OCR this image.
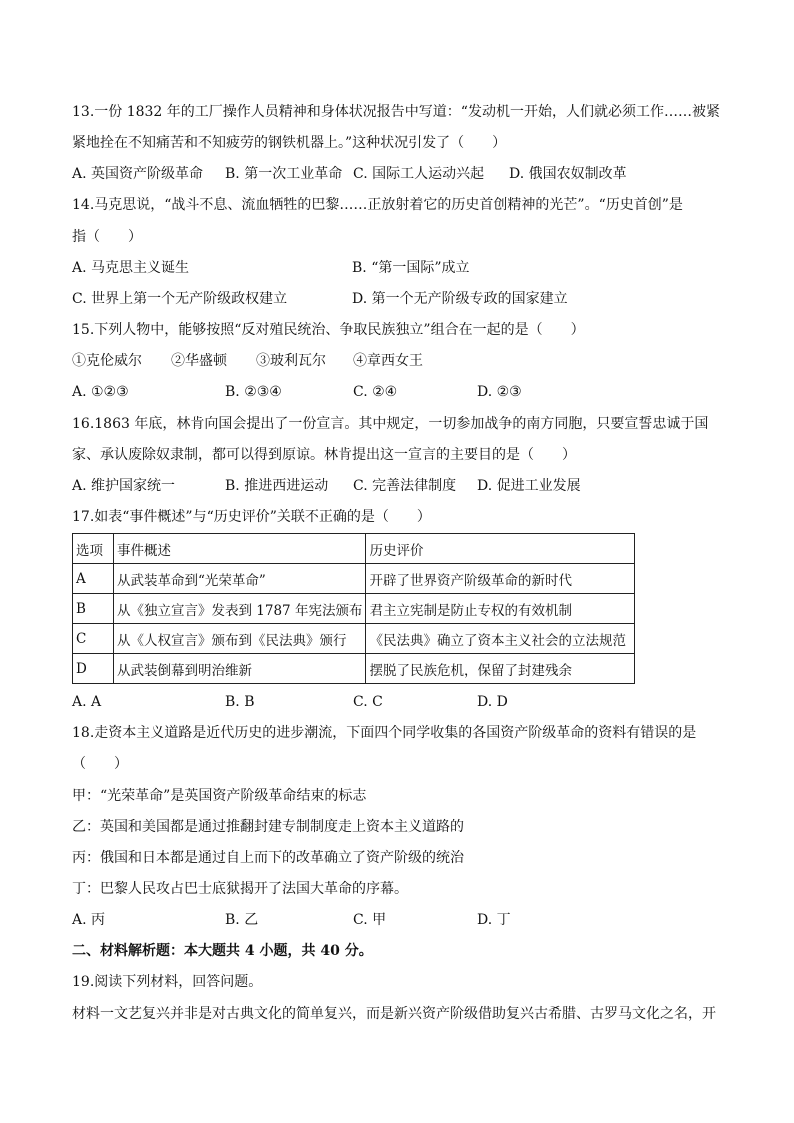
13.一份 1832 年的工厂操作人员精神和身体状况报告中写道：“发动机一开始，人们就必须工作……被紧
紧地拴在不知痛苦和不知疲劳的钢铁机器上。”这种状况引发了（　　）
A. 英国资产阶级革命 B. 第一次工业革命 C. 国际工人运动兴起 D. 俄国农奴制改革
14.马克思说，“战斗不息、流血牺牲的巴黎……正放射着它的历史首创精神的光芒”。“历史首创”是
指（　　）
A. 马克思主义诞生	B. “第一国际”成立
C. 世界上第一个无产阶级政权建立	D. 第一个无产阶级专政的国家建立
15.下列人物中，能够按照“反对殖民统治、争取民族独立”组合在一起的是（　　）
①克伦威尔 ②华盛顿 ③玻利瓦尔 ④章西女王
A. ①②③	B. ②③④	C. ②④	D. ②③
16.1863 年底，林肯向国会提出了一份宣言。其中规定，一切参加战争的南方同胞，只要宣誓忠诚于国
家、承认废除奴隶制，都可以得到原谅。林肯提出这一宣言的主要目的是（　　）
A. 维护国家统一	B. 推进西进运动 C. 完善法律制度 D. 促进工业发展
17.如表“事件概述”与“历史评价”关联不正确的是（　　）
选项	事件概述	历史评价
A	从武装革命到“光荣革命”	开辟了世界资产阶级革命的新时代
B	从《独立宣言》发表到 1787 年宪法颁布	君主立宪制是防止专权的有效机制
C	从《人权宣言》颁布到《民法典》颁行	《民法典》确立了资本主义社会的立法规范
D	从武装倒幕到明治维新	摆脱了民族危机，保留了封建残余
A. A	B. B	C. C	D. D
18.走资本主义道路是近代历史的进步潮流，下面四个同学收集的各国资产阶级革命的资料有错误的是
（　　）
甲：“光荣革命”是英国资产阶级革命结束的标志
乙：英国和美国都是通过推翻封建专制制度走上资本主义道路的
丙：俄国和日本都是通过自上而下的改革确立了资产阶级的统治
丁：巴黎人民攻占巴士底狱揭开了法国大革命的序幕。
A. 丙	B. 乙	C. 甲	D. 丁
二、材料解析题：本大题共 4 小题，共 40 分。
19.阅读下列材料，回答问题。
材料一文艺复兴并非是对古典文化的简单复兴，而是新兴资产阶级借助复兴古希腊、古罗马文化之名，开
